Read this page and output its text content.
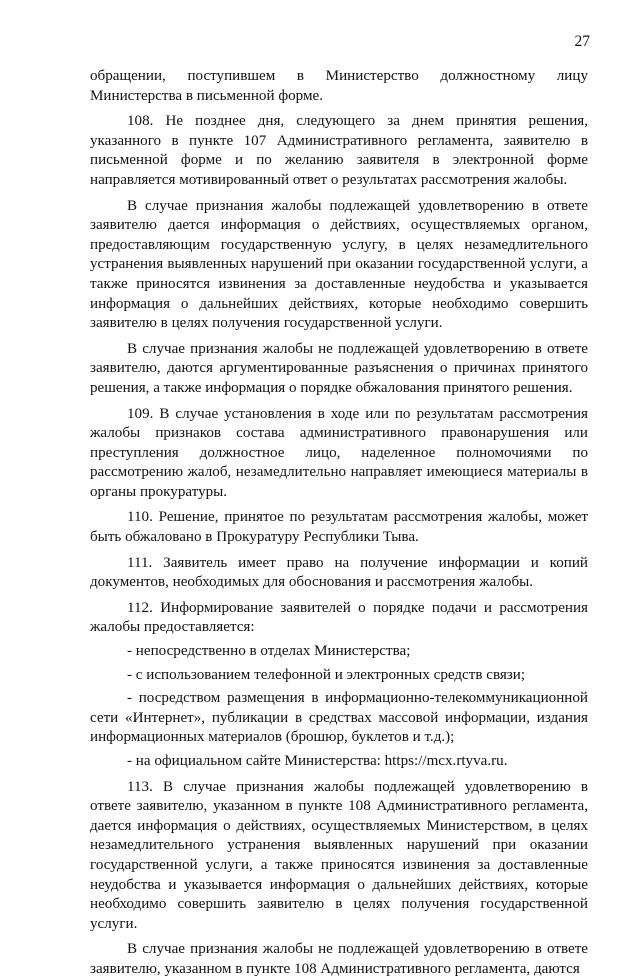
27

обращении, поступившем в Министерство должностному лицу Министерства в письменной форме.

108. Не позднее дня, следующего за днем принятия решения, указанного в пункте 107 Административного регламента, заявителю в письменной форме и по желанию заявителя в электронной форме направляется мотивированный ответ о результатах рассмотрения жалобы.

В случае признания жалобы подлежащей удовлетворению в ответе заявителю дается информация о действиях, осуществляемых органом, предоставляющим государственную услугу, в целях незамедлительного устранения выявленных нарушений при оказании государственной услуги, а также приносятся извинения за доставленные неудобства и указывается информация о дальнейших действиях, которые необходимо совершить заявителю в целях получения государственной услуги.

В случае признания жалобы не подлежащей удовлетворению в ответе заявителю, даются аргументированные разъяснения о причинах принятого решения, а также информация о порядке обжалования принятого решения.

109. В случае установления в ходе или по результатам рассмотрения жалобы признаков состава административного правонарушения или преступления должностное лицо, наделенное полномочиями по рассмотрению жалоб, незамедлительно направляет имеющиеся материалы в органы прокуратуры.

110. Решение, принятое по результатам рассмотрения жалобы, может быть обжаловано в Прокуратуру Республики Тыва.

111. Заявитель имеет право на получение информации и копий документов, необходимых для обоснования и рассмотрения жалобы.

112. Информирование заявителей о порядке подачи и рассмотрения жалобы предоставляется:

- непосредственно в отделах Министерства;

- с использованием телефонной и электронных средств связи;

- посредством размещения в информационно-телекоммуникационной сети «Интернет», публикации в средствах массовой информации, издания информационных материалов (брошюр, буклетов и т.д.);

- на официальном сайте Министерства: https://mcx.rtyva.ru.

113. В случае признания жалобы подлежащей удовлетворению в ответе заявителю, указанном в пункте 108 Административного регламента, дается информация о действиях, осуществляемых Министерством, в целях незамедлительного устранения выявленных нарушений при оказании государственной услуги, а также приносятся извинения за доставленные неудобства и указывается информация о дальнейших действиях, которые необходимо совершить заявителю в целях получения государственной услуги.

В случае признания жалобы не подлежащей удовлетворению в ответе заявителю, указанном в пункте 108 Административного регламента, даются
